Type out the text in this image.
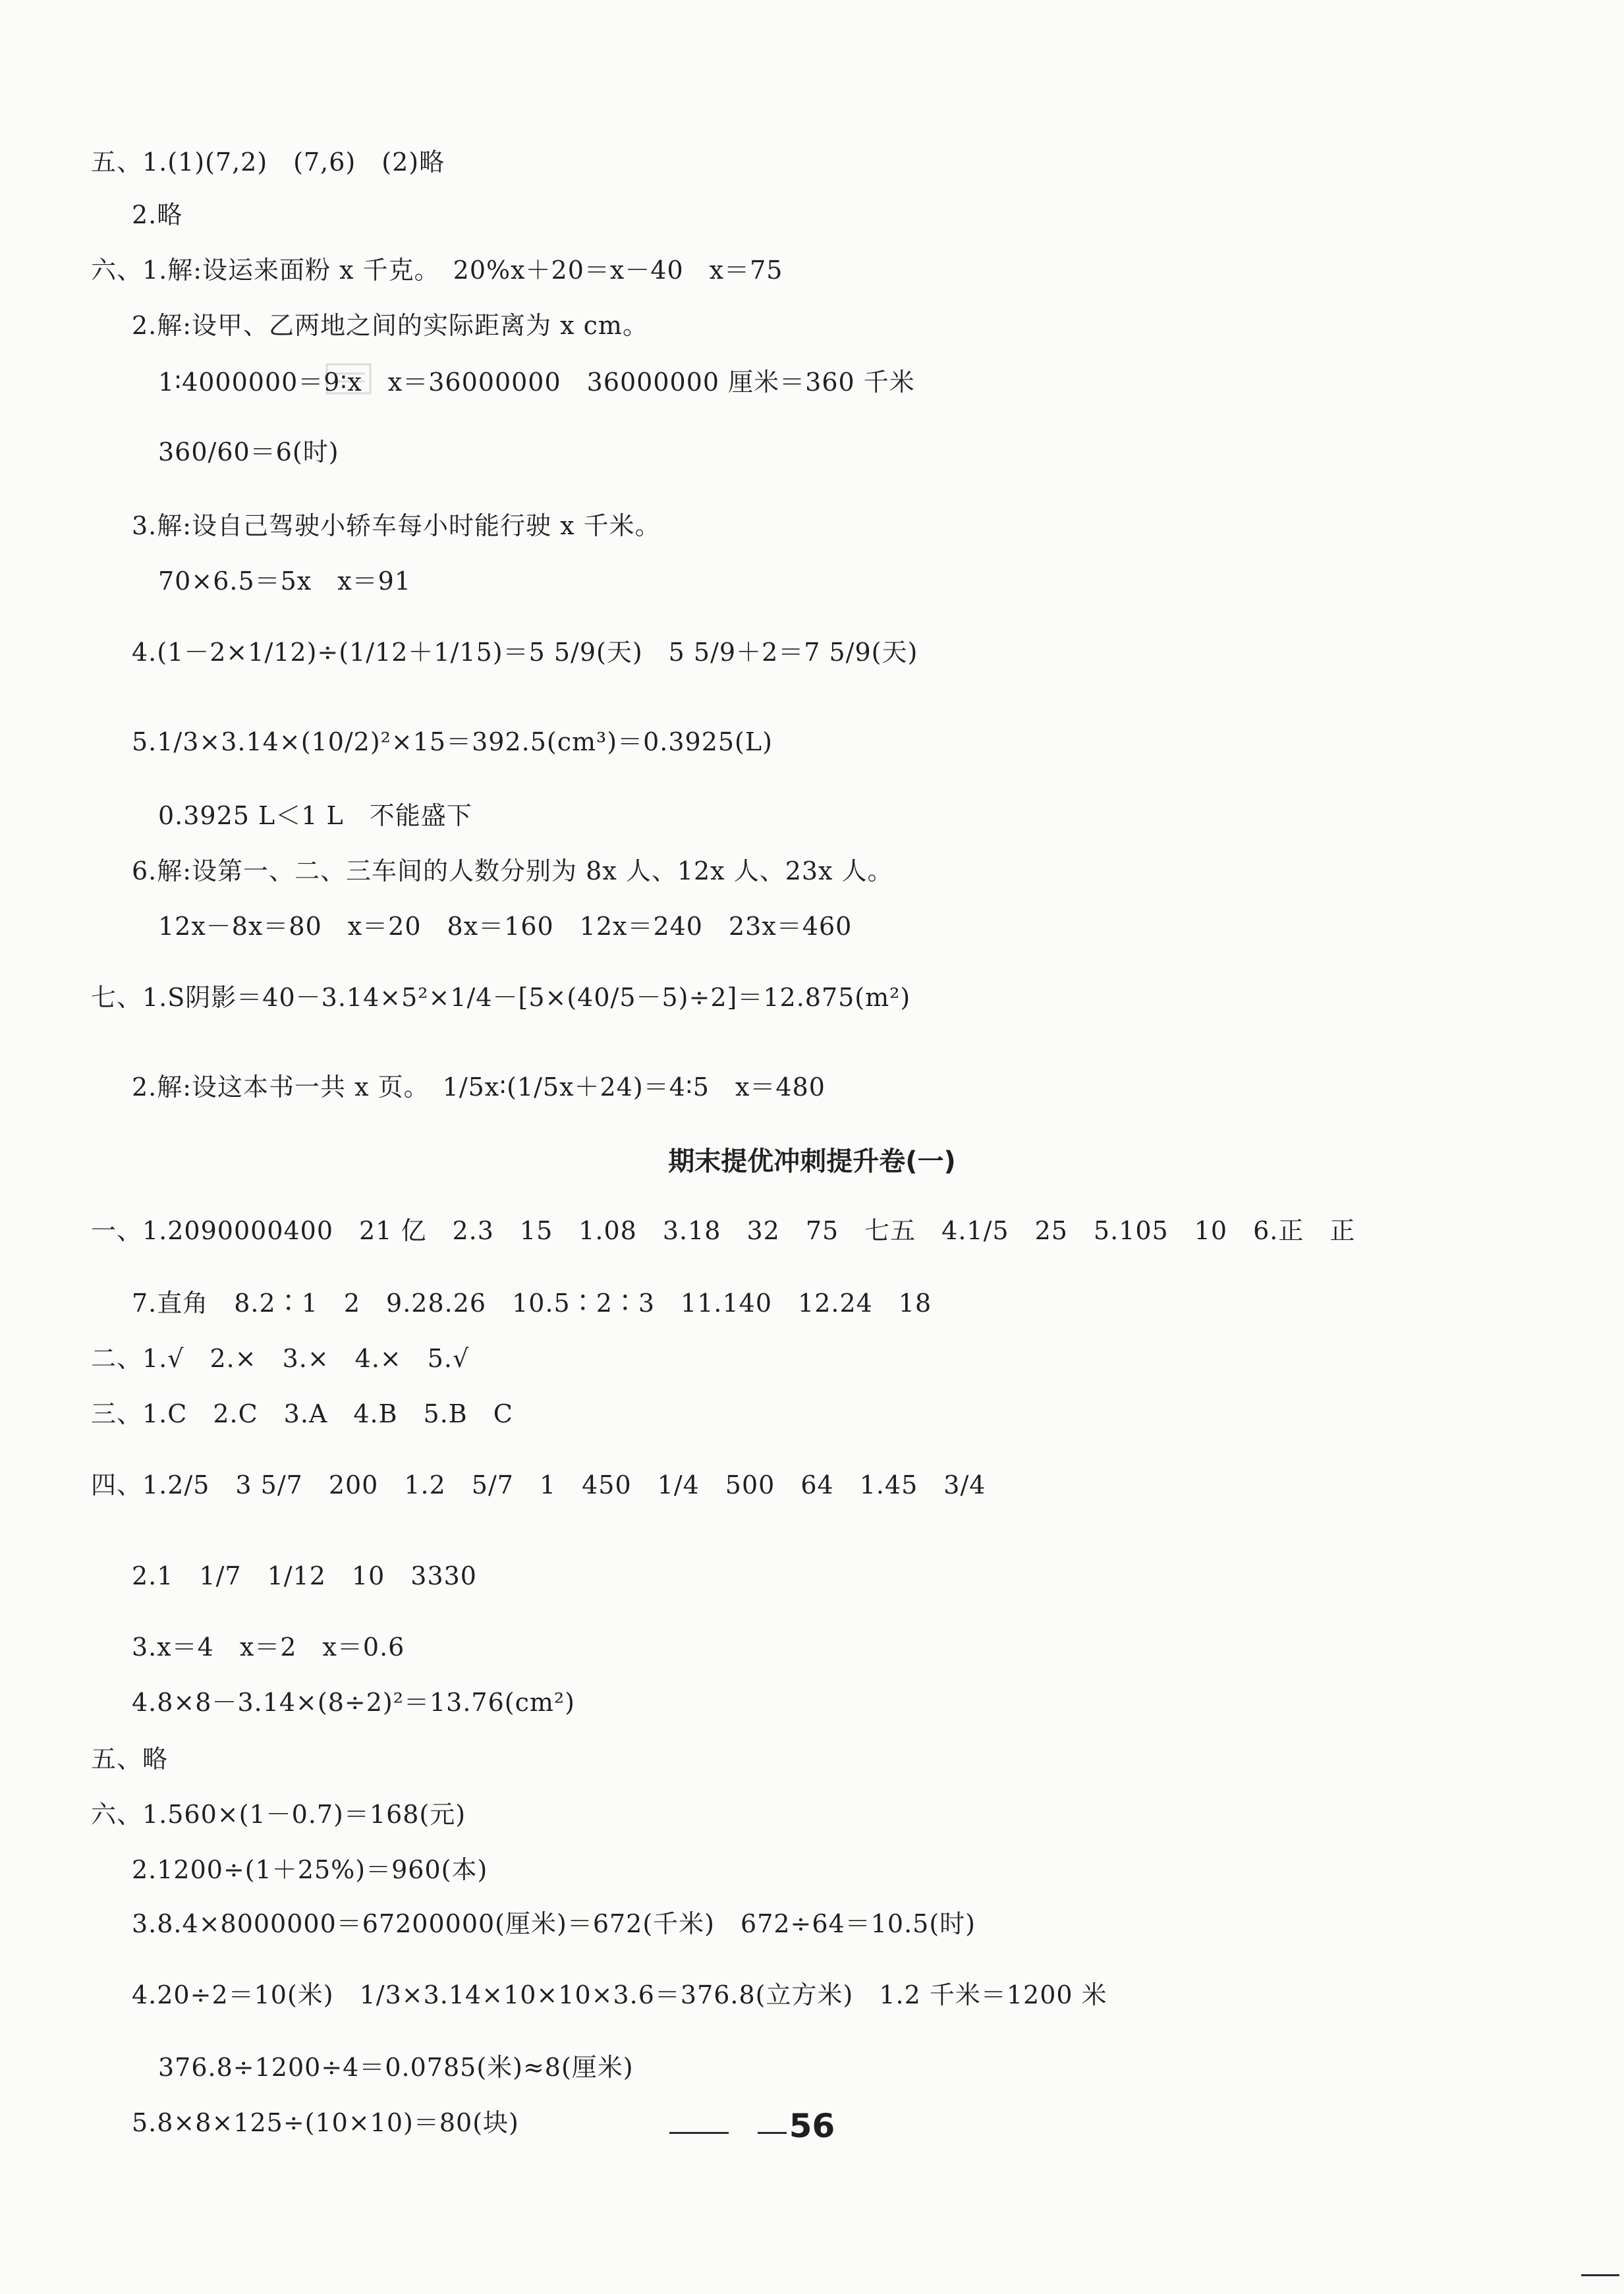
五、1.(1)(7,2)　(7,6)　(2)略
2.略
六、1.解:设运来面粉 x 千克。　20%x＋20＝x－40　x＝75
2.解:设甲、乙两地之间的实际距离为 x cm。
1∶4000000＝9∶x　x＝36000000　36000000 厘米＝360 千米
360/60＝6(时)
3.解:设自己驾驶小轿车每小时能行驶 x 千米。
70×6.5＝5x　x＝91
4.(1－2×1/12)÷(1/12＋1/15)＝5 5/9(天)　5 5/9＋2＝7 5/9(天)
5.1/3×3.14×(10/2)²×15＝392.5(cm³)＝0.3925(L)
0.3925 L＜1 L　不能盛下
6.解:设第一、二、三车间的人数分别为 8x 人、12x 人、23x 人。
12x－8x＝80　x＝20　8x＝160　12x＝240　23x＝460
七、1.S阴影＝40－3.14×5²×1/4－[5×(40/5－5)÷2]＝12.875(m²)
2.解:设这本书一共 x 页。　1/5x∶(1/5x＋24)＝4∶5　x＝480
期末提优冲刺提升卷(一)
一、1.2090000400　21 亿　2.3　15　1.08　3.18　32　75　七五　4.1/5　25　5.105　10　6.正　正
7.直角　8.2∶1　2　9.28.26　10.5∶2∶3　11.140　12.24　18
二、1.√　2.×　3.×　4.×　5.√
三、1.C　2.C　3.A　4.B　5.B　C
四、1.2/5　3 5/7　200　1.2　5/7　1　450　1/4　500　64　1.45　3/4
2.1　1/7　1/12　10　3330
3.x＝4　x＝2　x＝0.6
4.8×8－3.14×(8÷2)²＝13.76(cm²)
五、略
六、1.560×(1－0.7)＝168(元)
2.1200÷(1＋25%)＝960(本)
3.8.4×8000000＝67200000(厘米)＝672(千米)　672÷64＝10.5(时)
4.20÷2＝10(米)　1/3×3.14×10×10×3.6＝376.8(立方米)　1.2 千米＝1200 米
376.8÷1200÷4＝0.0785(米)≈8(厘米)
5.8×8×125÷(10×10)＝80(块)	56
